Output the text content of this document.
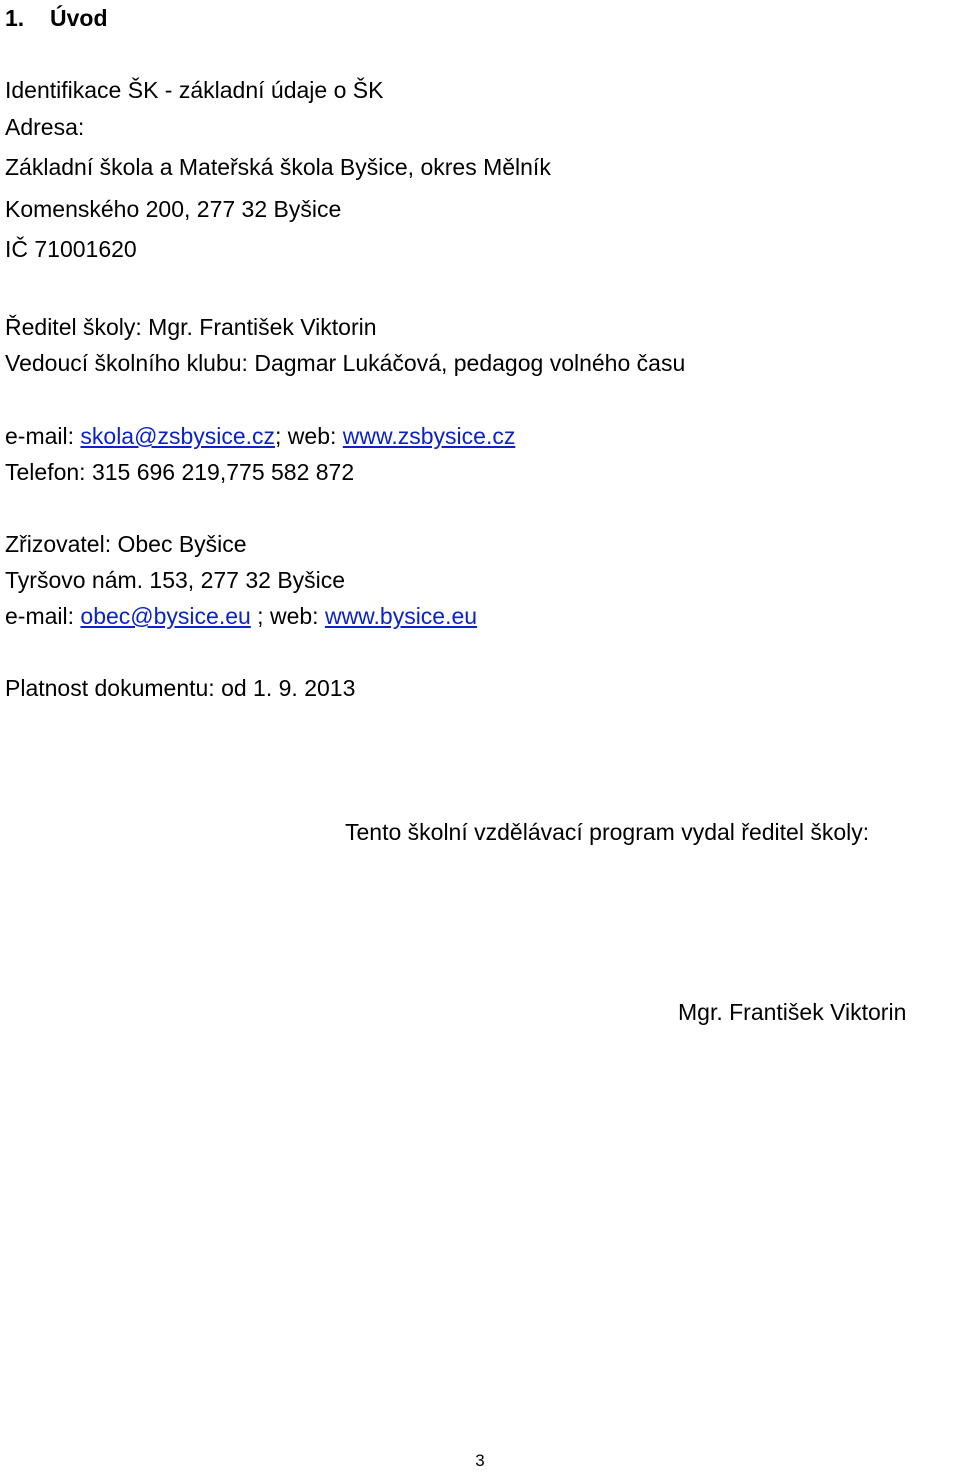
1. Úvod
Identifikace ŠK - základní údaje o ŠK
Adresa:
Základní škola a Mateřská škola Byšice, okres Mělník
Komenského 200, 277 32 Byšice
IČ 71001620
Ředitel školy: Mgr. František Viktorin
Vedoucí školního klubu: Dagmar Lukáčová, pedagog volného času
e-mail: skola@zsbysice.cz; web: www.zsbysice.cz
Telefon: 315 696 219,775 582 872
Zřizovatel: Obec Byšice
Tyršovo nám. 153, 277 32 Byšice
e-mail: obec@bysice.eu ; web: www.bysice.eu
Platnost dokumentu: od 1. 9. 2013
Tento školní vzdělávací program vydal ředitel školy:
Mgr. František Viktorin
3
